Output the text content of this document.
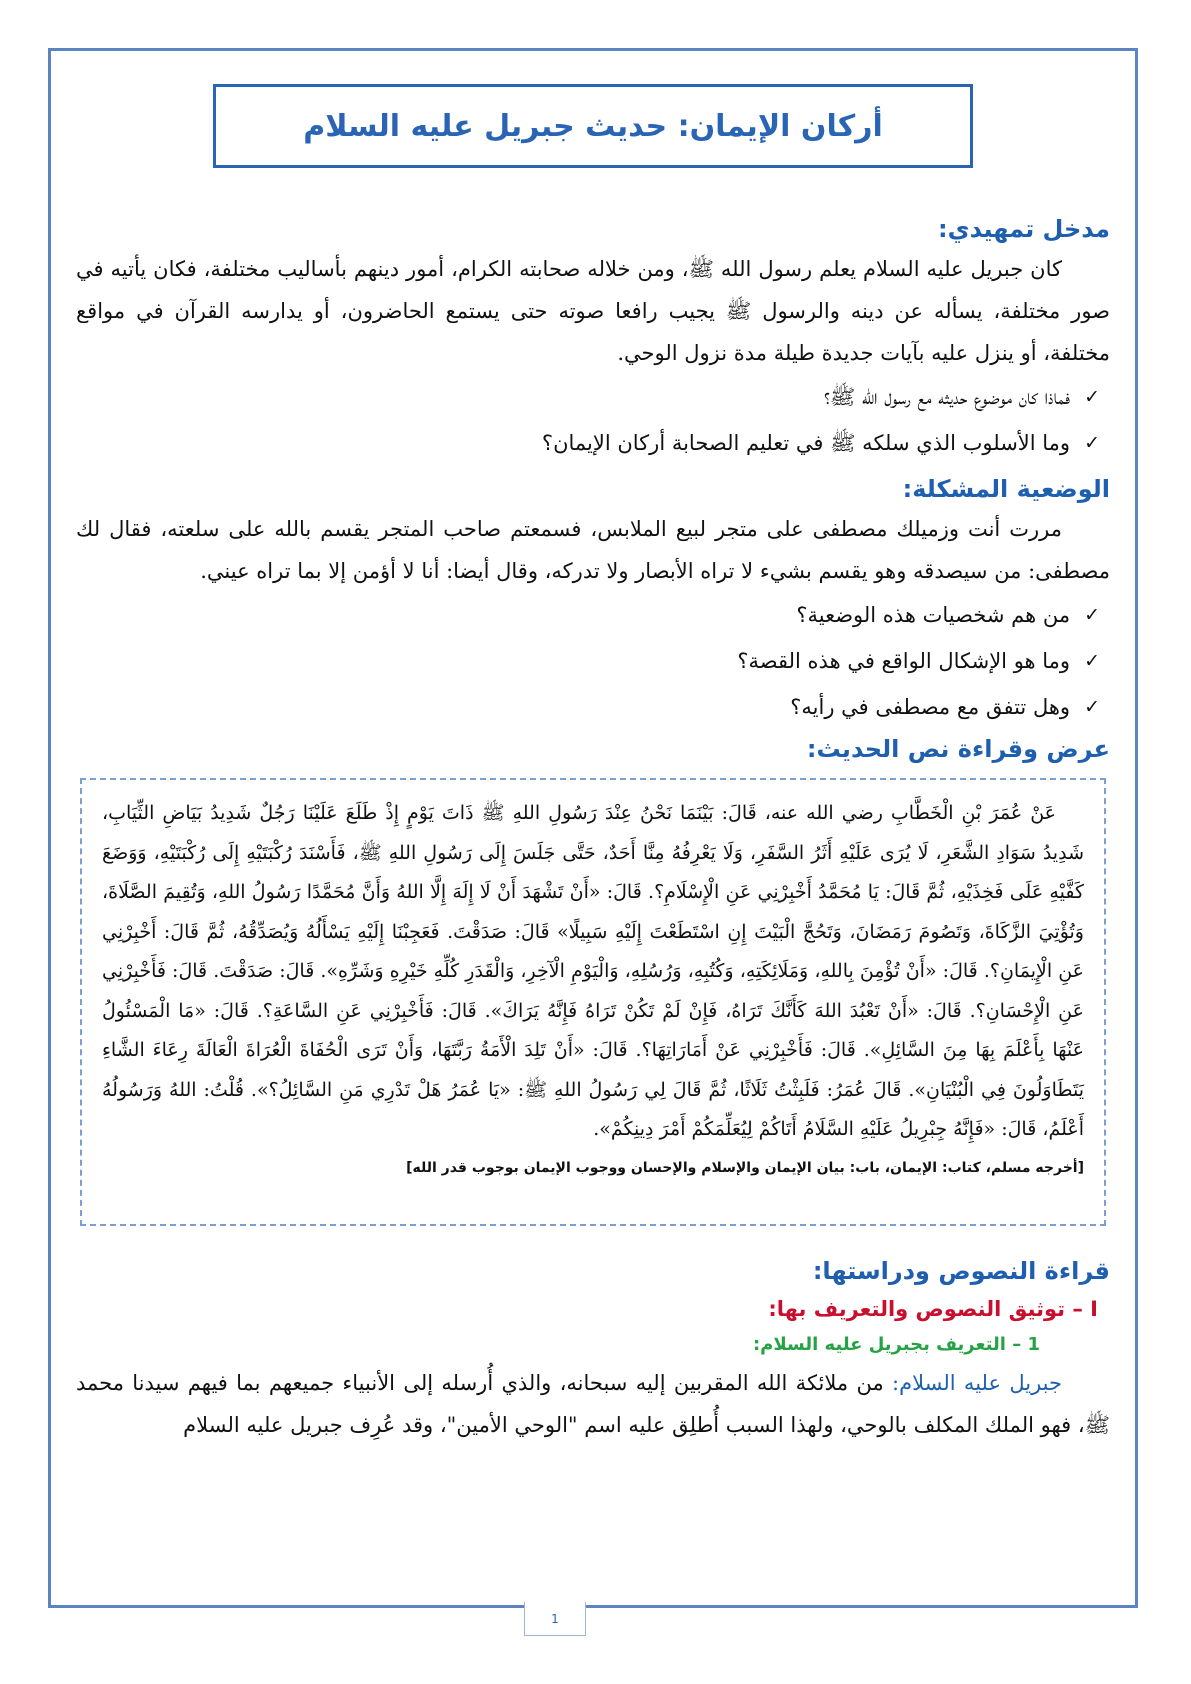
أركان الإيمان: حديث جبريل عليه السلام
مدخل تمهيدي:

كان جبريل عليه السلام يعلم رسول الله ﷺ، ومن خلاله صحابته الكرام، أمور دينهم بأساليب مختلفة، فكان يأتيه في صور مختلفة، يسأله عن دينه والرسول ﷺ يجيب رافعا صوته حتى يستمع الحاضرون، أو يدارسه القرآن في مواقع مختلفة، أو ينزل عليه بآيات جديدة طيلة مدة نزول الوحي.

✓
فماذا كان موضوع حديثه مع رسول الله ﷺ؟
✓
وما الأسلوب الذي سلكه ﷺ في تعليم الصحابة أركان الإيمان؟
الوضعية المشكلة:

مررت أنت وزميلك مصطفى على متجر لبيع الملابس، فسمعتم صاحب المتجر يقسم بالله على سلعته، فقال لك مصطفى: من سيصدقه وهو يقسم بشيء لا تراه الأبصار ولا تدركه، وقال أيضا: أنا لا أؤمن إلا بما تراه عيني.

✓
من هم شخصيات هذه الوضعية؟
✓
وما هو الإشكال الواقع في هذه القصة؟
✓
وهل تتفق مع مصطفى في رأيه؟
عرض وقراءة نص الحديث:

عَنْ عُمَرَ بْنِ الْخَطَّابِ رضي الله عنه، قَالَ: بَيْنَمَا نَحْنُ عِنْدَ رَسُولِ اللهِ ﷺ ذَاتَ يَوْمٍ إِذْ طَلَعَ عَلَيْنَا رَجُلٌ شَدِيدُ بَيَاضِ الثِّيَابِ، شَدِيدُ سَوَادِ الشَّعَرِ، لَا يُرَى عَلَيْهِ أَثَرُ السَّفَرِ، وَلَا يَعْرِفُهُ مِنَّا أَحَدٌ، حَتَّى جَلَسَ إِلَى رَسُولِ اللهِ ﷺ، فَأَسْنَدَ رُكْبَتَيْهِ إِلَى رُكْبَتَيْهِ، وَوَضَعَ كَفَّيْهِ عَلَى فَخِذَيْهِ، ثُمَّ قَالَ: يَا مُحَمَّدُ أَخْبِرْنِي عَنِ الْإِسْلَامِ؟. قَالَ: «أَنْ تَشْهَدَ أَنْ لَا إِلَهَ إِلَّا اللهُ وَأَنَّ مُحَمَّدًا رَسُولُ اللهِ، وَتُقِيمَ الصَّلَاةَ، وَتُؤْتِيَ الزَّكَاةَ، وَتَصُومَ رَمَضَانَ، وَتَحُجَّ الْبَيْتَ إِنِ اسْتَطَعْتَ إِلَيْهِ سَبِيلًا» قَالَ: صَدَقْتَ. فَعَجِبْنَا إِلَيْهِ يَسْأَلُهُ وَيُصَدِّقُهُ، ثُمَّ قَالَ: أَخْبِرْنِي عَنِ الْإِيمَانِ؟. قَالَ: «أَنْ تُؤْمِنَ بِاللهِ، وَمَلَائِكَتِهِ، وَكُتُبِهِ، وَرُسُلِهِ، وَالْيَوْمِ الْآخِرِ، وَالْقَدَرِ كُلِّهِ خَيْرِهِ وَشَرِّهِ». قَالَ: صَدَقْتَ. قَالَ: فَأَخْبِرْنِي عَنِ الْإِحْسَانِ؟. قَالَ: «أَنْ تَعْبُدَ اللهَ كَأَنَّكَ تَرَاهُ، فَإِنْ لَمْ تَكُنْ تَرَاهُ فَإِنَّهُ يَرَاكَ». قَالَ: فَأَخْبِرْنِي عَنِ السَّاعَةِ؟. قَالَ: «مَا الْمَسْئُولُ عَنْهَا بِأَعْلَمَ بِهَا مِنَ السَّائِلِ». قَالَ: فَأَخْبِرْنِي عَنْ أَمَارَاتِهَا؟. قَالَ: «أَنْ تَلِدَ الْأَمَةُ رَبَّتَهَا، وَأَنْ تَرَى الْحُفَاةَ الْعُرَاةَ الْعَالَةَ رِعَاءَ الشَّاءِ يَتَطَاوَلُونَ فِي الْبُنْيَانِ». قَالَ عُمَرُ: فَلَبِثْتُ ثَلَاثًا، ثُمَّ قَالَ لِي رَسُولُ اللهِ ﷺ: «يَا عُمَرُ هَلْ تَدْرِي مَنِ السَّائِلُ؟». قُلْتُ: اللهُ وَرَسُولُهُ أَعْلَمُ، قَالَ: «فَإِنَّهُ جِبْرِيلُ عَلَيْهِ السَّلَامُ أَتَاكُمْ لِيُعَلِّمَكُمْ أَمْرَ دِينِكُمْ».

[أخرجه مسلم، كتاب: الإيمان، باب: بيان الإيمان والإسلام والإحسان ووجوب الإيمان بوجوب قدر الله]
قراءة النصوص ودراستها:
I – توثيق النصوص والتعريف بها:
1 – التعريف بجبريل عليه السلام:

جبريل عليه السلام: من ملائكة الله المقربين إليه سبحانه، والذي أُرسله إلى الأنبياء جميعهم بما فيهم سيدنا محمد ﷺ، فهو الملك المكلف بالوحي، ولهذا السبب أُطلِق عليه اسم "الوحي الأمين"، وقد عُرِف جبريل عليه السلام

1
